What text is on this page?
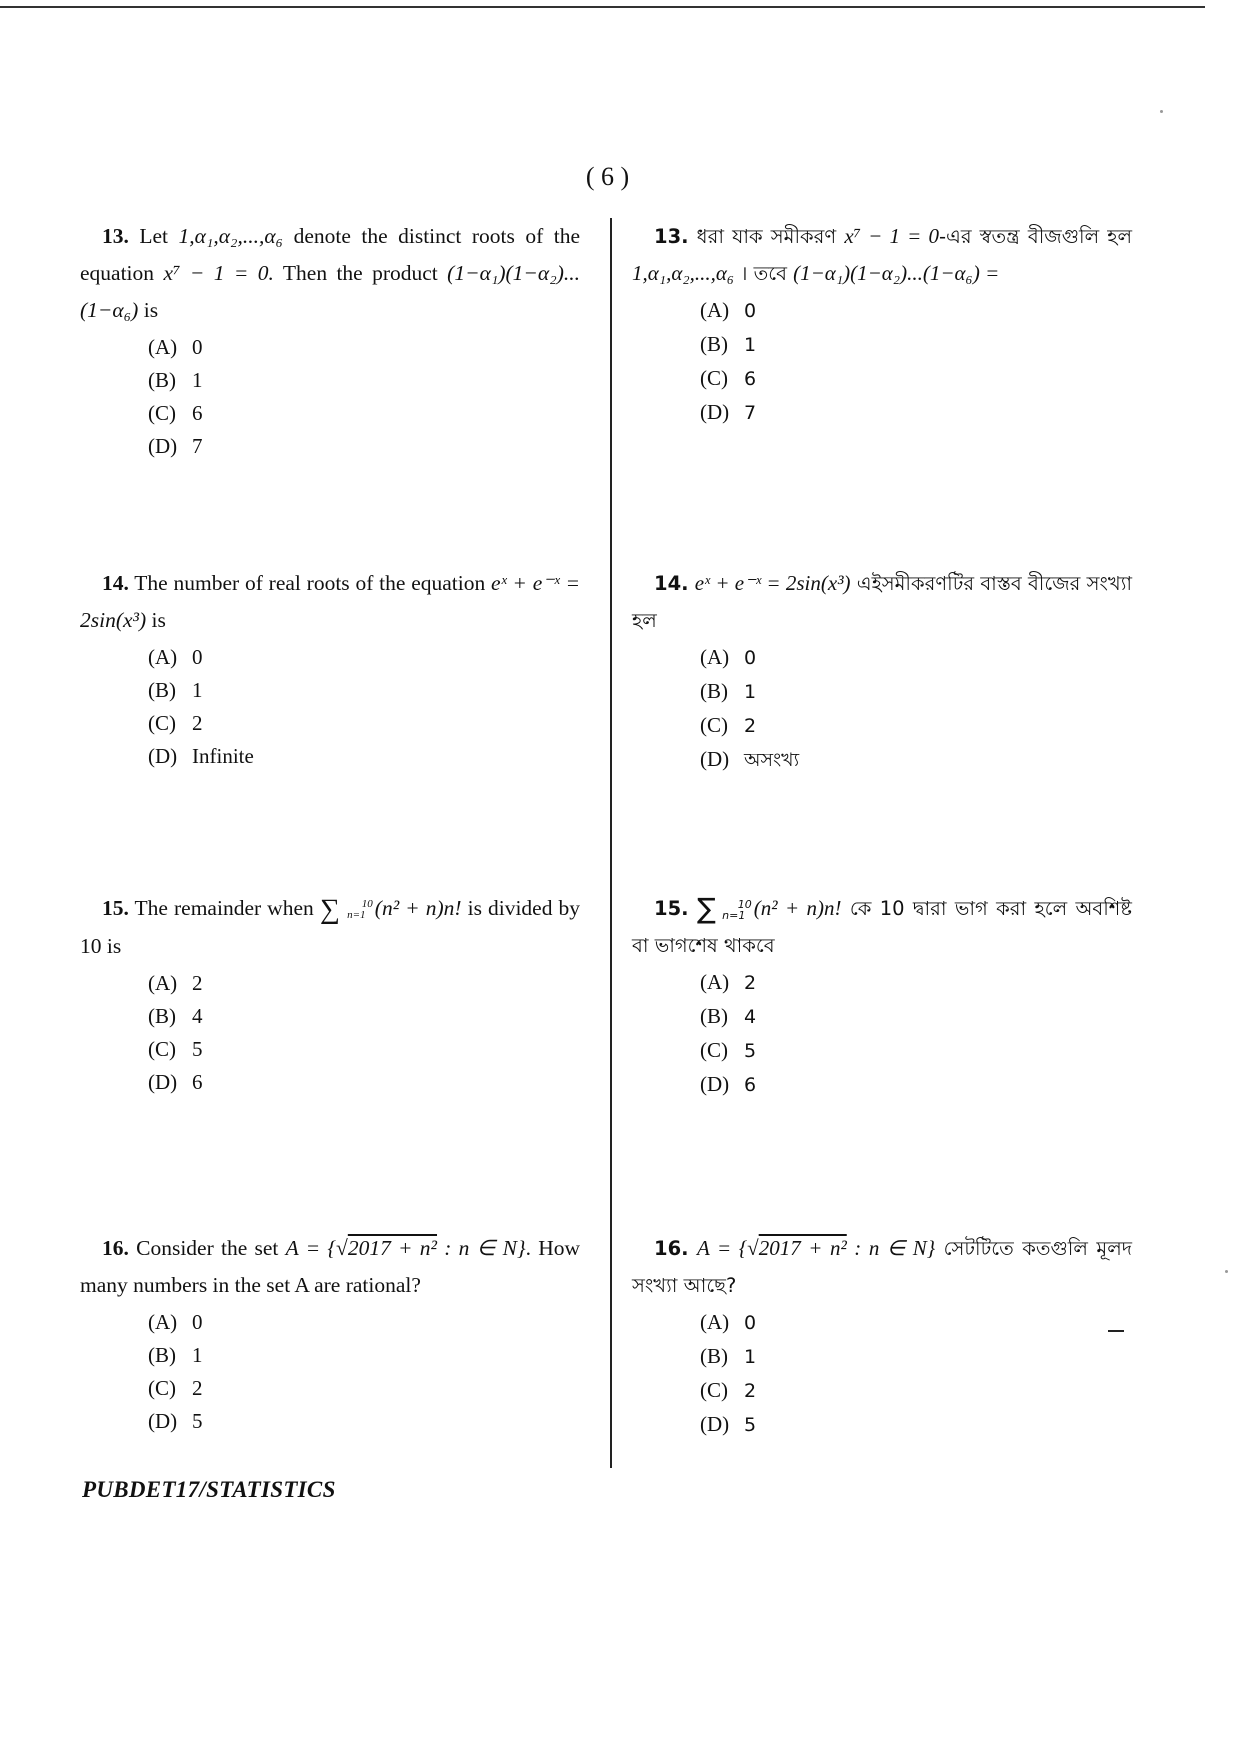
( 6 )

13. Let 1,α₁,α₂,...,α₆ denote the distinct roots of the equation x⁷ − 1 = 0. Then the product (1−α₁)(1−α₂)...(1−α₆) is

(A) 0
(B) 1
(C) 6
(D) 7

13. ধরা যাক সমীকরণ x⁷ − 1 = 0-এর স্বতন্ত্র বীজগুলি হল 1,α₁,α₂,...,α₆ । তবে (1−α₁)(1−α₂)...(1−α₆) =

(A) 0
(B) 1
(C) 6
(D) 7

14. The number of real roots of the equation eˣ + e⁻ˣ = 2sin(x³) is

(A) 0
(B) 1
(C) 2
(D) Infinite

14. eˣ + e⁻ˣ = 2sin(x³) এইসমীকরণটির বাস্তব বীজের সংখ্যা হল

(A) 0
(B) 1
(C) 2
(D) অসংখ্য

15. The remainder when ∑ 10
n=1 (n² + n)n! is divided by 10 is

(A) 2
(B) 4
(C) 5
(D) 6

15. ∑ 10
n=1 (n² + n)n! কে 10 দ্বারা ভাগ করা হলে অবশিষ্ট বা ভাগশেষ থাকবে

(A) 2
(B) 4
(C) 5
(D) 6

16. Consider the set A = {√2017 + n² : n ∈ N}. How many numbers in the set A are rational?

(A) 0
(B) 1
(C) 2
(D) 5

16. A = {√2017 + n² : n ∈ N} সেটটিতে কতগুলি মূলদ সংখ্যা আছে?

(A) 0
(B) 1
(C) 2
(D) 5
PUBDET17/STATISTICS
